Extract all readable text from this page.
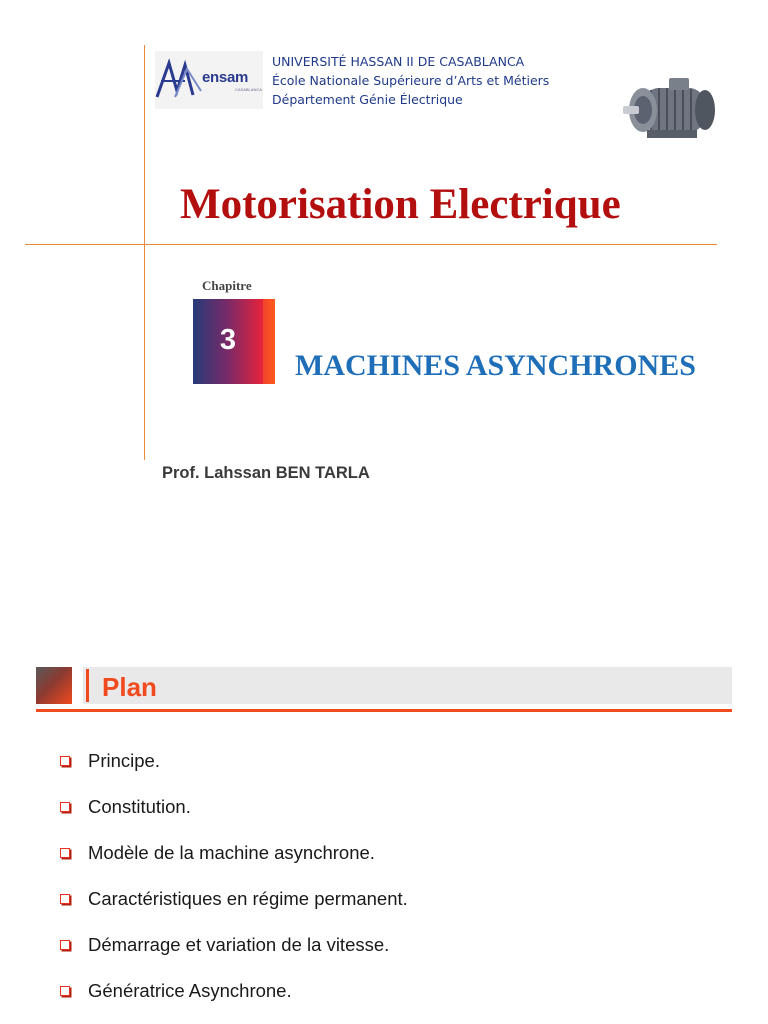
ensam
CASABLANCA
UNIVERSITÉ HASSAN II DE CASABLANCA
École Nationale Supérieure d’Arts et Métiers
Département Génie Électrique
Motorisation Electrique
Chapitre
3
MACHINES ASYNCHRONES
Prof. Lahssan BEN TARLA
Plan
Principe.
Constitution.
Modèle de la machine asynchrone.
Caractéristiques en régime permanent.
Démarrage et variation de la vitesse.
Génératrice Asynchrone.
